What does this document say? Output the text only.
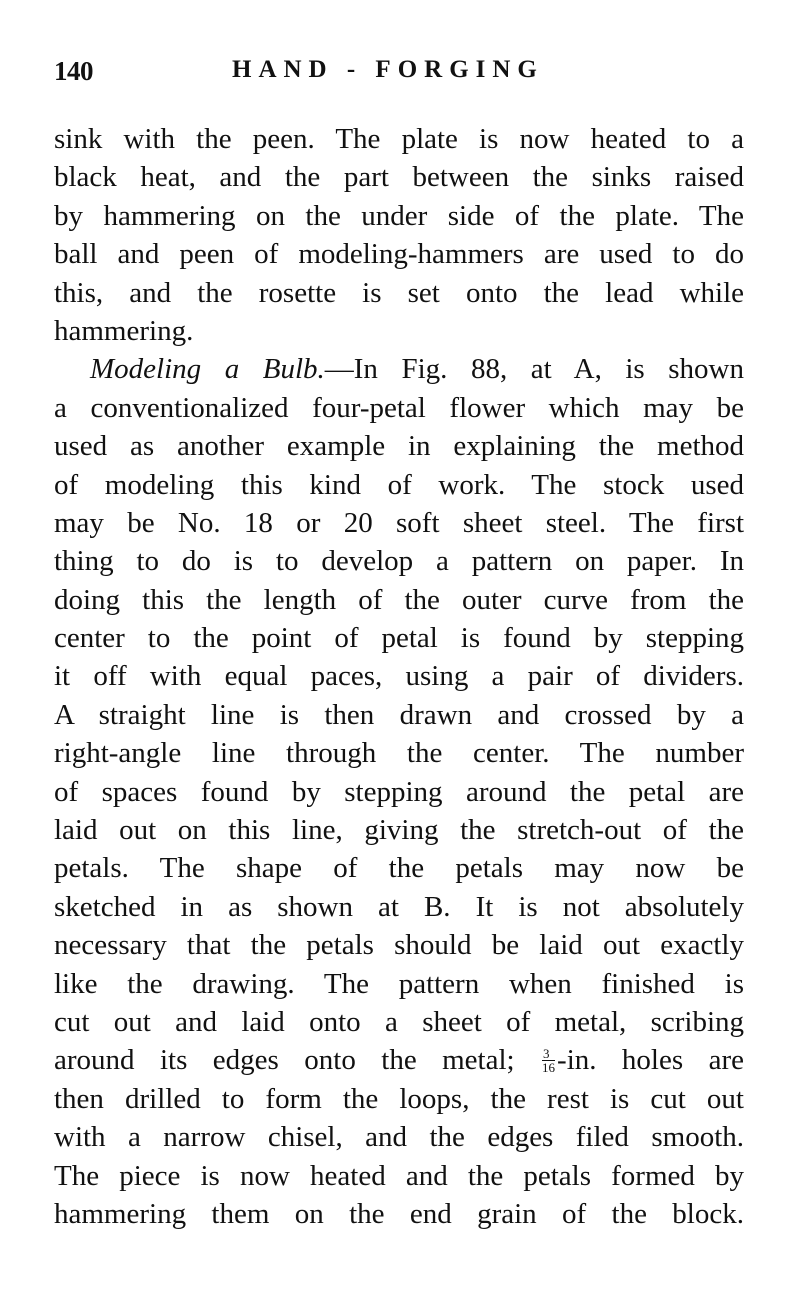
140	HAND - FORGING
sink with the peen. The plate is now heated to a
black heat, and the part between the sinks raised
by hammering on the under side of the plate. The
ball and peen of modeling-hammers are used to do
this, and the rosette is set onto the lead while
hammering.
Modeling a Bulb.—In Fig. 88, at A, is shown
a conventionalized four-petal flower which may be
used as another example in explaining the method
of modeling this kind of work. The stock used
may be No. 18 or 20 soft sheet steel. The first
thing to do is to develop a pattern on paper. In
doing this the length of the outer curve from the
center to the point of petal is found by stepping
it off with equal paces, using a pair of dividers.
A straight line is then drawn and crossed by a
right-angle line through the center. The number
of spaces found by stepping around the petal are
laid out on this line, giving the stretch-out of the
petals. The shape of the petals may now be
sketched in as shown at B. It is not absolutely
necessary that the petals should be laid out exactly
like the drawing. The pattern when finished is
cut out and laid onto a sheet of metal, scribing
around its edges onto the metal; $\frac{3}{16} -in$. holes are
then drilled to form the loops, the rest is cut out
with a narrow chisel, and the edges filed smooth.
The piece is now heated and the petals formed by
hammering them on the end grain of the block.
